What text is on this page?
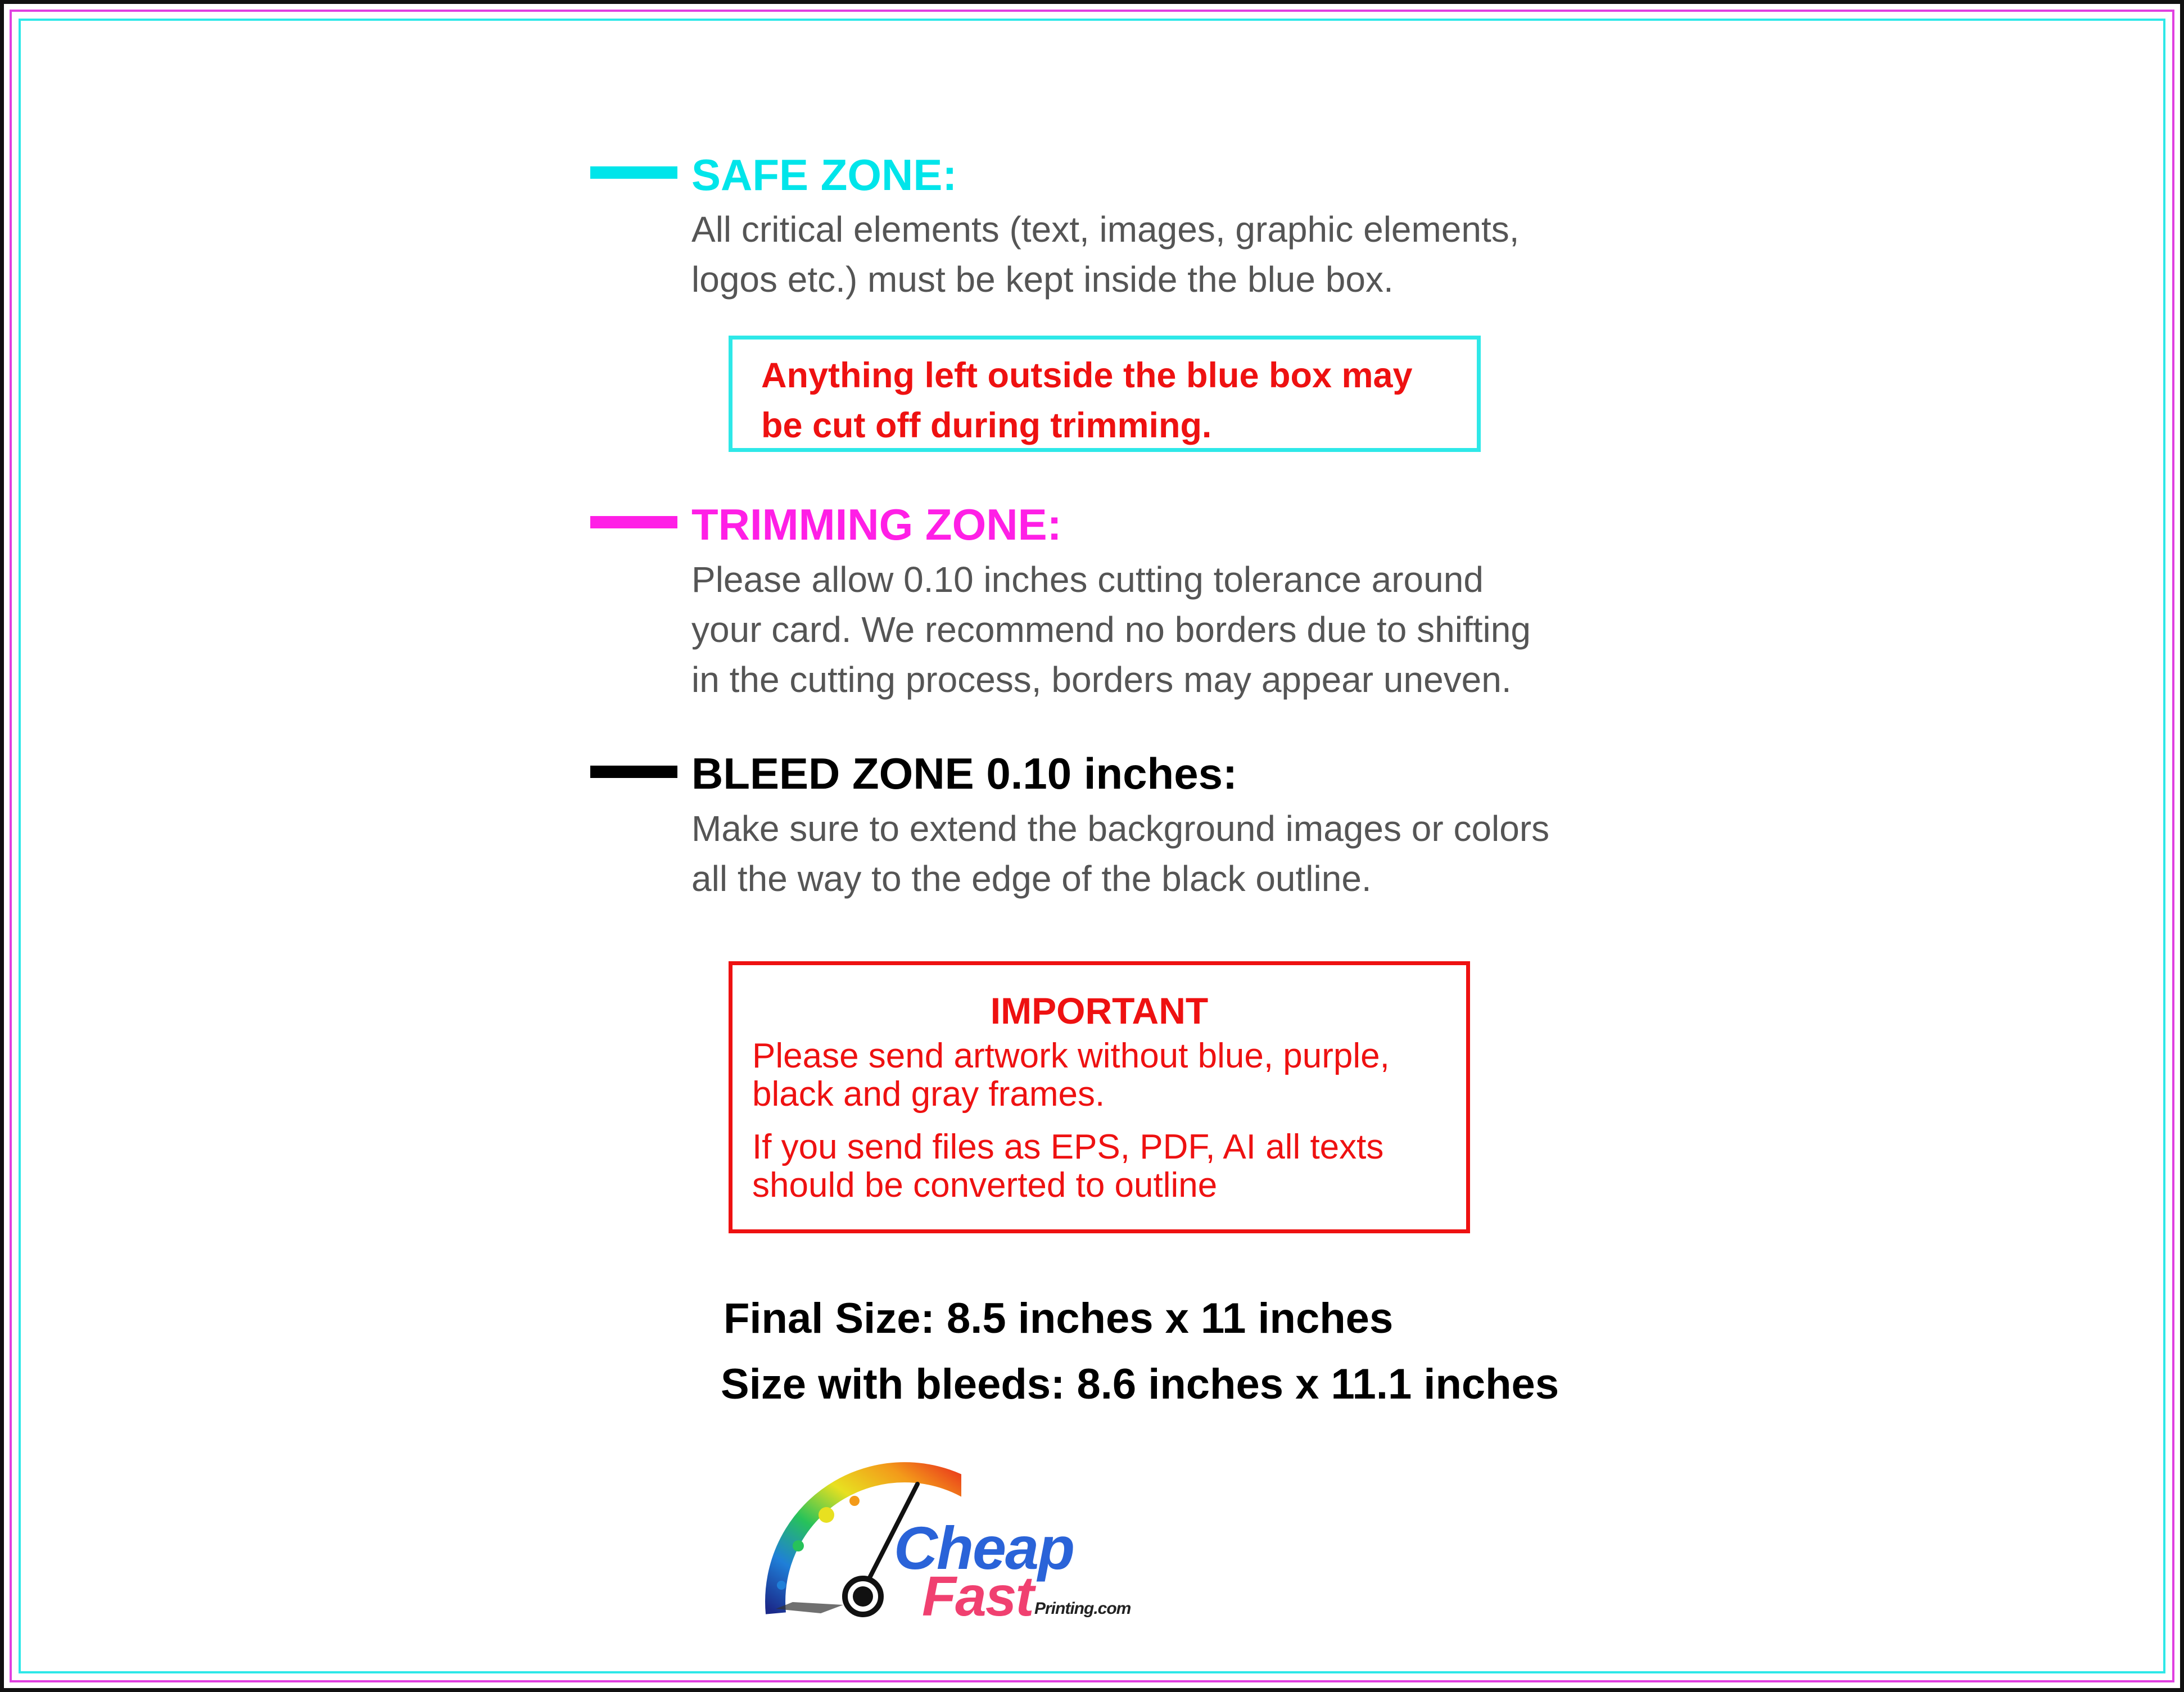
SAFE ZONE:
All critical elements (text, images, graphic elements,
logos etc.) must be kept inside the blue box.
Anything left outside the blue box may
be cut off during trimming.
TRIMMING ZONE:
Please allow 0.10 inches cutting tolerance around
your card. We recommend no borders due to shifting
in the cutting process, borders may appear uneven.
BLEED ZONE 0.10 inches:
Make sure to extend the background images or colors
all the way to the edge of the black outline.
IMPORTANT
Please send artwork without blue, purple,
black and gray frames.
If you send files as EPS, PDF, AI all texts
should be converted to outline
Final Size: 8.5 inches x 11 inches
Size with bleeds: 8.6 inches x 11.1 inches
Cheap
Fast Printing.com
